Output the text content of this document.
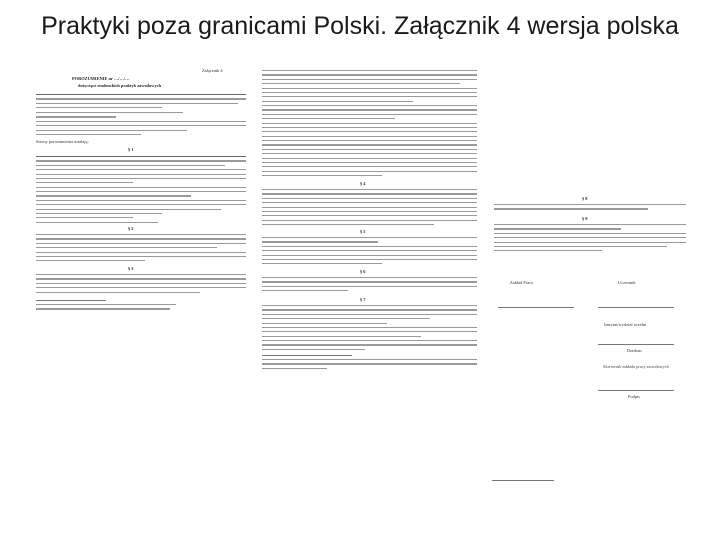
Praktyki poza granicami Polski. Załącznik 4 wersja polska
Załącznik 4
POROZUMIENIE nr …/…/…
dotyczące studenckich praktyk zawodowych
Strony porozumienia ustalają:
§ 1
§ 2
§ 3
§ 4
§ 5
§ 6
§ 7
§ 8
§ 9
Zakład Pracy	Uczestnik
Instytut/wydział uczelni
Dziekan
Kierownik zakładu pracy zawodowych
Podpis
